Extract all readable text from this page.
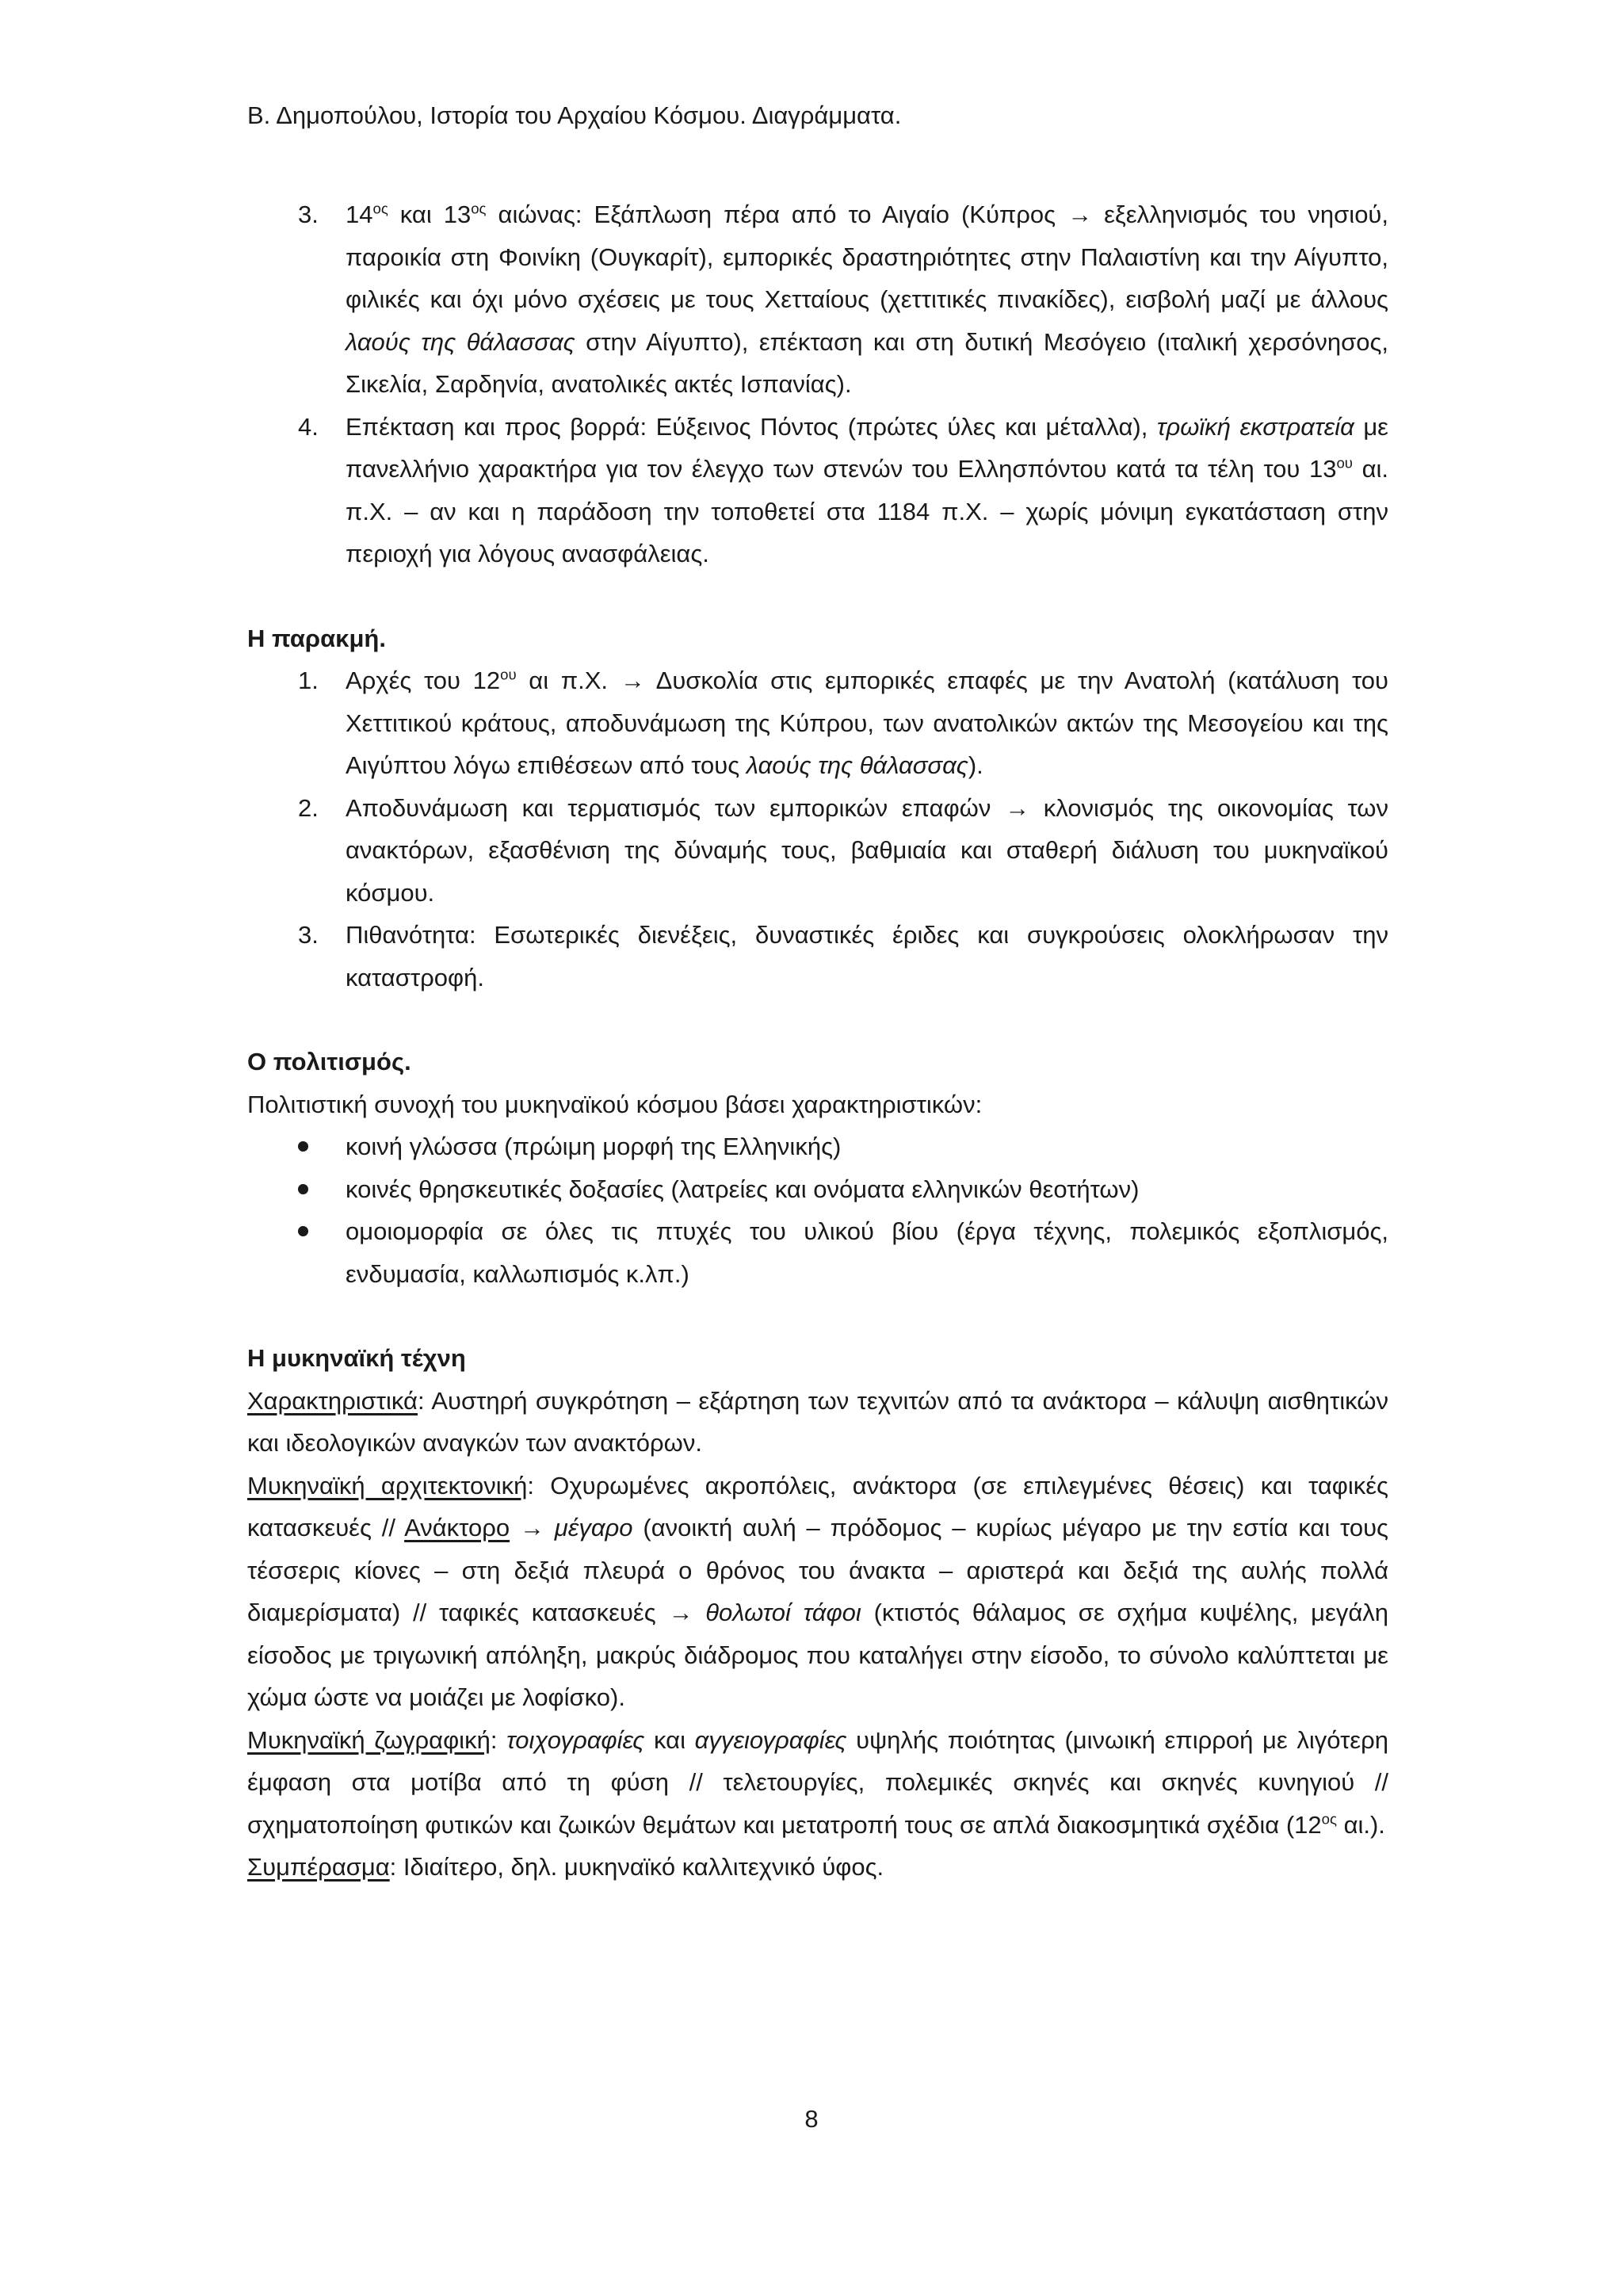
Β. Δημοπούλου, Ιστορία του Αρχαίου Κόσμου. Διαγράμματα.
3. $14^{o\varsigma}$ και $13^{o\varsigma}$ αιώνας: Εξάπλωση πέρα από το Αιγαίο (Κύπρος → εξελληνισμός του νησιού, παροικία στη Φοινίκη (Ουγκαρίτ), εμπορικές δραστηριότητες στην Παλαιστίνη και την Αίγυπτο, φιλικές και όχι μόνο σχέσεις με τους Χετταίους (χεττιτικές πινακίδες), εισβολή μαζί με άλλους λαούς της θάλασσας στην Αίγυπτο), επέκταση και στη δυτική Μεσόγειο (ιταλική χερσόνησος, Σικελία, Σαρδηνία, ανατολικές ακτές Ισπανίας).
4. Επέκταση και προς βορρά: Εύξεινος Πόντος (πρώτες ύλες και μέταλλα), τρωϊκή εκστρατεία με πανελλήνιο χαρακτήρα για τον έλεγχο των στενών του Ελλησπόντου κατά τα τέλη του $13^{o\upsilon}$ αι. π.Χ. – αν και η παράδοση την τοποθετεί στα 1184 π.Χ. – χωρίς μόνιμη εγκατάσταση στην περιοχή για λόγους ανασφάλειας.

Η παρακμή.

1. Αρχές του $12^{o\upsilon}$ αι π.Χ. → Δυσκολία στις εμπορικές επαφές με την Ανατολή (κατάλυση του Χεττιτικού κράτους, αποδυνάμωση της Κύπρου, των ανατολικών ακτών της Μεσογείου και της Αιγύπτου λόγω επιθέσεων από τους λαούς της θάλασσας).
2. Αποδυνάμωση και τερματισμός των εμπορικών επαφών → κλονισμός της οικονομίας των ανακτόρων, εξασθένιση της δύναμής τους, βαθμιαία και σταθερή διάλυση του μυκηναϊκού κόσμου.
3. Πιθανότητα: Εσωτερικές διενέξεις, δυναστικές έριδες και συγκρούσεις ολοκλήρωσαν την καταστροφή.

Ο πολιτισμός.

Πολιτιστική συνοχή του μυκηναϊκού κόσμου βάσει χαρακτηριστικών:

κοινή γλώσσα (πρώιμη μορφή της Ελληνικής)
κοινές θρησκευτικές δοξασίες (λατρείες και ονόματα ελληνικών θεοτήτων)
ομοιομορφία σε όλες τις πτυχές του υλικού βίου (έργα τέχνης, πολεμικός εξοπλισμός, ενδυμασία, καλλωπισμός κ.λπ.)

Η μυκηναϊκή τέχνη

Χαρακτηριστικά: Αυστηρή συγκρότηση – εξάρτηση των τεχνιτών από τα ανάκτορα – κάλυψη αισθητικών και ιδεολογικών αναγκών των ανακτόρων.

Μυκηναϊκή αρχιτεκτονική: Οχυρωμένες ακροπόλεις, ανάκτορα (σε επιλεγμένες θέσεις) και ταφικές κατασκευές // Ανάκτορο → μέγαρο (ανοικτή αυλή – πρόδομος – κυρίως μέγαρο με την εστία και τους τέσσερις κίονες – στη δεξιά πλευρά ο θρόνος του άνακτα – αριστερά και δεξιά της αυλής πολλά διαμερίσματα) // ταφικές κατασκευές → θολωτοί τάφοι (κτιστός θάλαμος σε σχήμα κυψέλης, μεγάλη είσοδος με τριγωνική απόληξη, μακρύς διάδρομος που καταλήγει στην είσοδο, το σύνολο καλύπτεται με χώμα ώστε να μοιάζει με λοφίσκο).

Μυκηναϊκή ζωγραφική: τοιχογραφίες και αγγειογραφίες υψηλής ποιότητας (μινωική επιρροή με λιγότερη έμφαση στα μοτίβα από τη φύση // τελετουργίες, πολεμικές σκηνές και σκηνές κυνηγιού // σχηματοποίηση φυτικών και ζωικών θεμάτων και μετατροπή τους σε απλά διακοσμητικά σχέδια ($12^{o\varsigma}$ αι.).

Συμπέρασμα: Ιδιαίτερο, δηλ. μυκηναϊκό καλλιτεχνικό ύφος.

8
